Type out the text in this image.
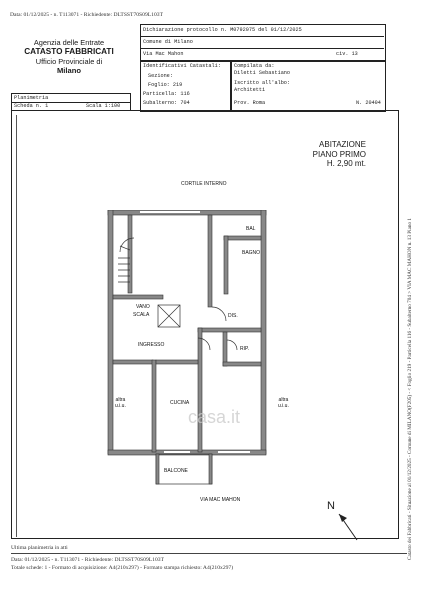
Data: 01/12/2025 - n. T113071 - Richiedente: DLTSST70S09L103T
Agenzia delle Entrate
CATASTO FABBRICATI
Ufficio Provinciale di
Milano
Dichiarazione protocollo n. M0792075 del 01/12/2025
Comune di Milano
Via Mac Mahon	civ. 13
Identificativi Catastali:
Sezione:
Foglio: 219
Particella: 116
Subalterno: 704
Compilata da:
Diletti Sebastiano
Iscritto all'albo:
Architetti
Prov. Roma	N. 20404
Planimetria
Scheda n. 1	Scala 1:100
ABITAZIONE
PIANO PRIMO
H. 2,90 mt.
CORTILE INTERNO
BAL
BAGNO
VANO
SCALA	DIS.
INGRESSO
RIP.
CUCINA
BALCONE
casa.it
altra
u.i.u.
altra
u.i.u.
VIA MAC MAHON	N	Catasto dei Fabbricati - Situazione al 01/12/2025 - Comune di MILANO(F205) - < Foglio 219 - Particella 116 - Subalterno 704 > VIA MAC MAHON n. 13 Piano 1
Ultima planimetria in atti
Data: 01/12/2025 - n. T113071 - Richiedente: DLTSST70S09L103T
Totale schede: 1 - Formato di acquisizione: A4(210x297) - Formato stampa richiesto: A4(210x297)
